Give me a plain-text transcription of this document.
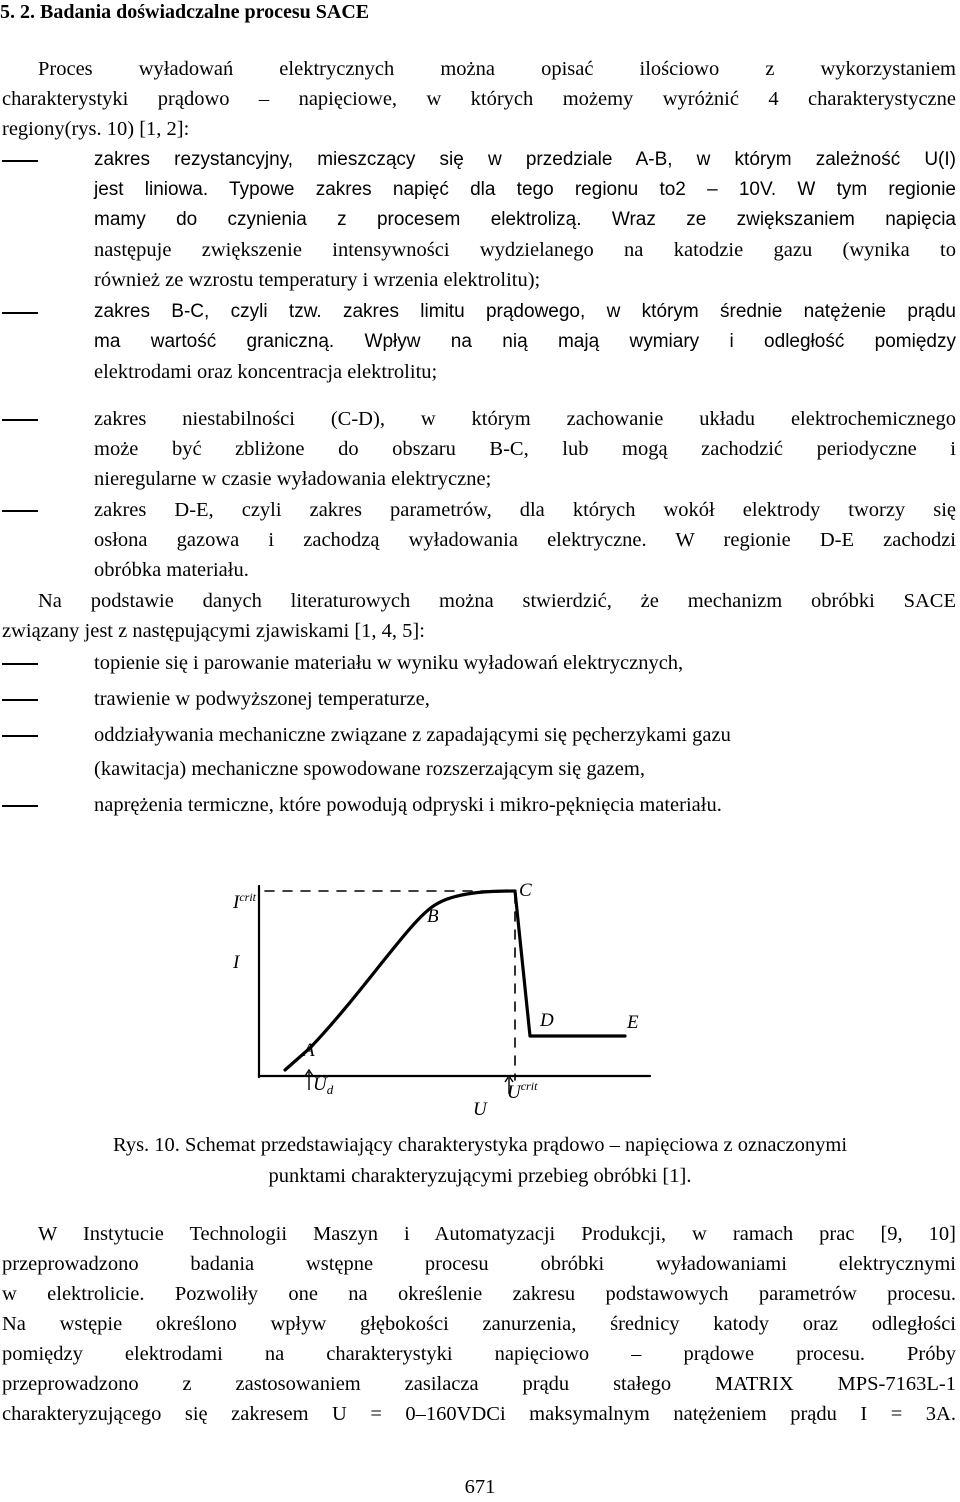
5. 2. Badania doświadczalne procesu SACE
Proces wyładowań elektrycznych można opisać ilościowo z wykorzystaniem
charakterystyki prądowo – napięciowe, w których możemy wyróżnić 4 charakterystyczne
regiony(rys. 10) [1, 2]:
zakres rezystancyjny, mieszczący się w przedziale A-B, w którym zależność U(I)
jest liniowa. Typowe zakres napięć dla tego regionu to2 – 10V. W tym regionie
mamy do czynienia z procesem elektrolizą. Wraz ze zwiększaniem napięcia
następuje zwiększenie intensywności wydzielanego na katodzie gazu (wynika to
również ze wzrostu temperatury i wrzenia elektrolitu);
zakres B-C, czyli tzw. zakres limitu prądowego, w którym średnie natężenie prądu
ma wartość graniczną. Wpływ na nią mają wymiary i odległość pomiędzy
elektrodami oraz koncentracja elektrolitu;
zakres niestabilności (C-D), w którym zachowanie układu elektrochemicznego
może być zbliżone do obszaru B-C, lub mogą zachodzić periodyczne i
nieregularne w czasie wyładowania elektryczne;
zakres D-E, czyli zakres parametrów, dla których wokół elektrody tworzy się
osłona gazowa i zachodzą wyładowania elektryczne. W regionie D-E zachodzi
obróbka materiału.
Na podstawie danych literaturowych można stwierdzić, że mechanizm obróbki SACE
związany jest z następującymi zjawiskami [1, 4, 5]:
topienie się i parowanie materiału w wyniku wyładowań elektrycznych,
trawienie w podwyższonej temperaturze,
oddziaływania mechaniczne związane z zapadającymi się pęcherzykami gazu
(kawitacja) mechaniczne spowodowane rozszerzającym się gazem,
naprężenia termiczne, które powodują odpryski i mikro-pęknięcia materiału.
$I^{crit}$
I
C
B
D	E
A
$U_d$	$U^{crit}$
U
Rys. 10. Schemat przedstawiający charakterystyka prądowo – napięciowa z oznaczonymi
punktami charakteryzującymi przebieg obróbki [1].
W Instytucie Technologii Maszyn i Automatyzacji Produkcji, w ramach prac [9, 10]
przeprowadzono badania wstępne procesu obróbki wyładowaniami elektrycznymi
w elektrolicie. Pozwoliły one na określenie zakresu podstawowych parametrów procesu.
Na wstępie określono wpływ głębokości zanurzenia, średnicy katody oraz odległości
pomiędzy elektrodami na charakterystyki napięciowo – prądowe procesu. Próby
przeprowadzono z zastosowaniem zasilacza prądu stałego MATRIX MPS-7163L-1
charakteryzującego się zakresem U = 0–160VDCi maksymalnym natężeniem prądu I = 3A.
671
